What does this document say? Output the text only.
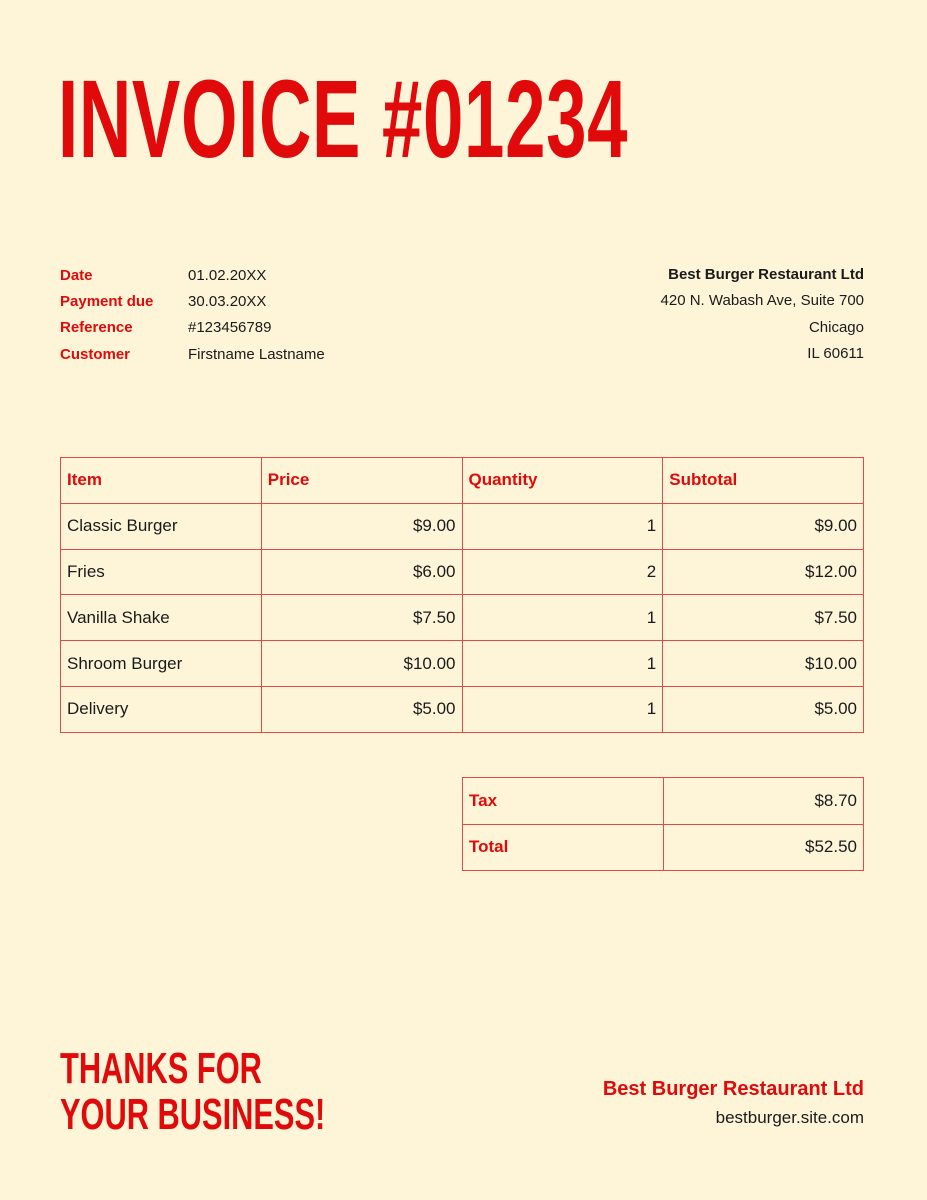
INVOICE #01234
Date	01.02.20XX
Payment due	30.03.20XX
Reference	#123456789
Customer	Firstname Lastname
Best Burger Restaurant Ltd
420 N. Wabash Ave, Suite 700
Chicago
IL 60611
Item	Price	Quantity	Subtotal
Classic Burger	$9.00	1	$9.00
Fries	$6.00	2	$12.00
Vanilla Shake	$7.50	1	$7.50
Shroom Burger	$10.00	1	$10.00
Delivery	$5.00	1	$5.00
Tax	$8.70
Total	$52.50
THANKS FOR
YOUR BUSINESS!
Best Burger Restaurant Ltd
bestburger.site.com
